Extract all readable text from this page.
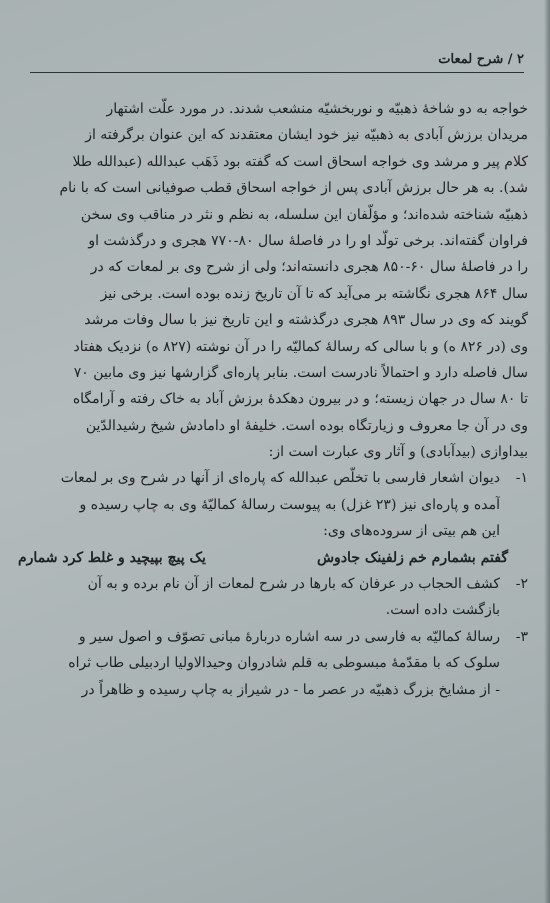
۲ / شرح لمعات
خواجه به دو شاخهٔ ذهبیّه و نوربخشیّه منشعب شدند. در مورد علّت اشتهار
مریدان برزش آبادی به ذهبیّه نیز خود ایشان معتقدند که این عنوان برگرفته از
کلام پیر و مرشد وی خواجه اسحاق است که گفته بود ذَهَب عبدالله (عبدالله طلا
شد). به هر حال برزش آبادی پس از خواجه اسحاق قطب صوفیانی است که با نام
ذهبیّه شناخته شده‌اند؛ و مؤلّفان این سلسله، به نظم و نثر در مناقب وی سخن
فراوان گفته‌اند. برخی تولّد او را در فاصلهٔ سال ۸۰-۷۷۰ هجری و درگذشت او
را در فاصلهٔ سال ۶۰-۸۵۰ هجری دانسته‌اند؛ ولی از شرح وی بر لمعات که در
سال ۸۶۴ هجری نگاشته بر می‌آید که تا آن تاریخ زنده بوده است. برخی نیز
گویند که وی در سال ۸۹۳ هجری درگذشته و این تاریخ نیز با سال وفات مرشد
وی (در ۸۲۶ ه) و با سالی که رسالهٔ کمالیّه را در آن نوشته (۸۲۷ ه) نزدیک هفتاد
سال فاصله دارد و احتمالاً نادرست است. بنابر پاره‌ای گزارشها نیز وی مابین ۷۰
تا ۸۰ سال در جهان زیسته؛ و در بیرون دهکدهٔ برزش آباد به خاک رفته و آرامگاه
وی در آن جا معروف و زیارتگاه بوده است. خلیفهٔ او دامادش شیخ رشیدالدّین
بیداوازی (بیدآبادی) و آثار وی عبارت است از:
۱-
دیوان اشعار فارسی با تخلّص عبدالله که پاره‌ای از آنها در شرح وی بر لمعات
آمده و پاره‌ای نیز (۲۳ غزل) به پیوست رسالهٔ کمالیّهٔ وی به چاپ رسیده و
این هم بیتی از سروده‌های وی:
گفتم بشمارم خم زلفینک جادوش
یک پیچ بپیچید و غلط کرد شمارم
۲-
کشف الحجاب در عرفان که بارها در شرح لمعات از آن نام برده و به آن
بازگشت داده است.
۳-
رسالهٔ کمالیّه به فارسی در سه اشاره دربارهٔ مبانی تصوّف و اصول سیر و
سلوک که با مقدّمهٔ مبسوطی به قلم شادروان وحیدالاولیا اردبیلی طاب ثراه
- از مشایخ بزرگ ذهبیّه در عصر ما - در شیراز به چاپ رسیده و ظاهراً در
